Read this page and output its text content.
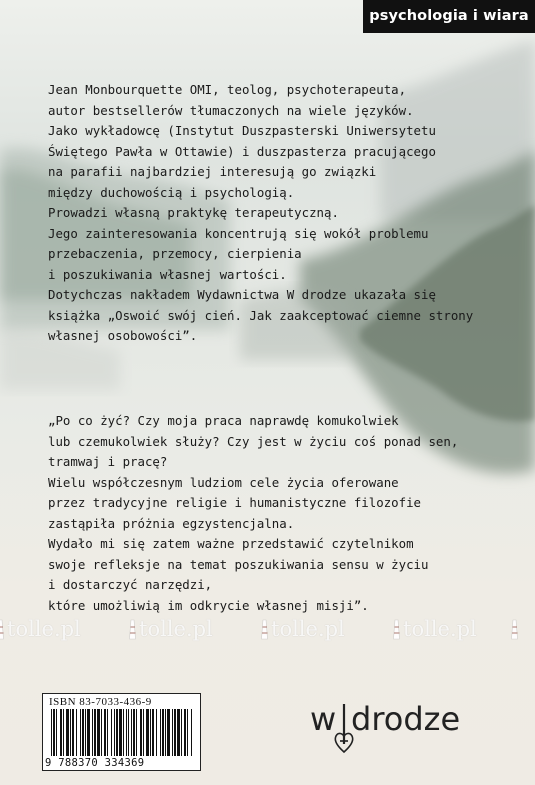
psychologia i wiara
Jean Monbourquette OMI, teolog, psychoterapeuta,
autor bestsellerów tłumaczonych na wiele języków.
Jako wykładowcę (Instytut Duszpasterski Uniwersytetu
Świętego Pawła w Ottawie) i duszpasterza pracującego
na parafii najbardziej interesują go związki
między duchowością i psychologią.
Prowadzi własną praktykę terapeutyczną.
Jego zainteresowania koncentrują się wokół problemu
przebaczenia, przemocy, cierpienia
i poszukiwania własnej wartości.
Dotychczas nakładem Wydawnictwa W drodze ukazała się
książka „Oswoić swój cień. Jak zaakceptować ciemne strony
własnej osobowości”.
„Po co żyć? Czy moja praca naprawdę komukolwiek
lub czemukolwiek służy? Czy jest w życiu coś ponad sen,
tramwaj i pracę?
Wielu współczesnym ludziom cele życia oferowane
przez tradycyjne religie i humanistyczne filozofie
zastąpiła próżnia egzystencjalna.
Wydało mi się zatem ważne przedstawić czytelnikom
swoje refleksje na temat poszukiwania sensu w życiu
i dostarczyć narzędzi,
które umożliwią im odkrycie własnej misji”.
tolle.pl	tolle.pl	tolle.pl	tolle.pl
ISBN 83-7033-436-9
9 788370 334369
w drodze
